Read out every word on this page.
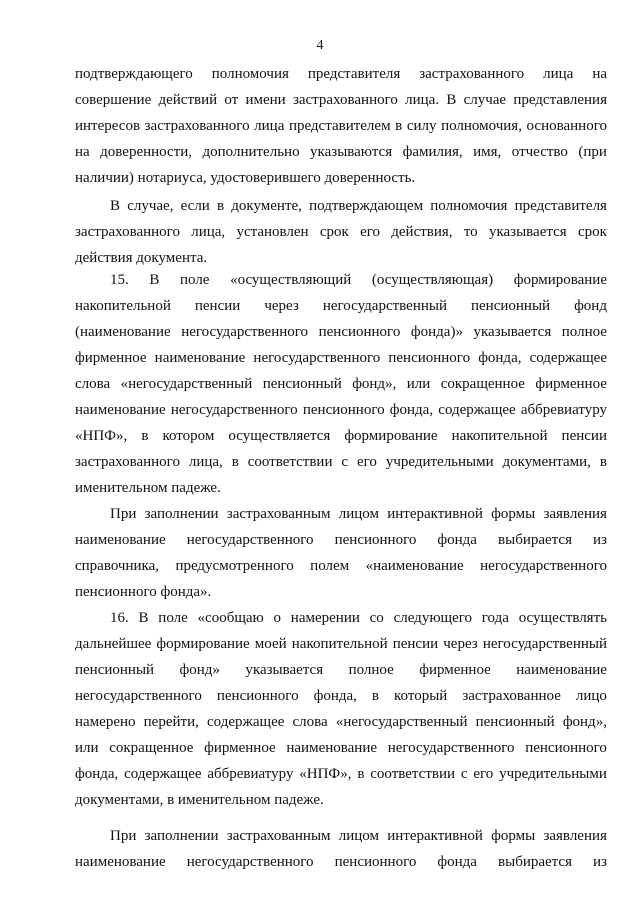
4
подтверждающего полномочия представителя застрахованного лица на
совершение действий от имени застрахованного лица. В случае представления
интересов застрахованного лица представителем в силу полномочия, основанного
на доверенности, дополнительно указываются фамилия, имя, отчество (при
наличии) нотариуса, удостоверившего доверенность.
В случае, если в документе, подтверждающем полномочия представителя
застрахованного лица, установлен срок его действия, то указывается срок
действия документа.
15. В поле «осуществляющий (осуществляющая) формирование
накопительной пенсии через негосударственный пенсионный фонд
(наименование негосударственного пенсионного фонда)» указывается полное
фирменное наименование негосударственного пенсионного фонда, содержащее
слова «негосударственный пенсионный фонд», или сокращенное фирменное
наименование негосударственного пенсионного фонда, содержащее аббревиатуру
«НПФ», в котором осуществляется формирование накопительной пенсии
застрахованного лица, в соответствии с его учредительными документами, в
именительном падеже.
При заполнении застрахованным лицом интерактивной формы заявления
наименование негосударственного пенсионного фонда выбирается из
справочника, предусмотренного полем «наименование негосударственного
пенсионного фонда».
16. В поле «сообщаю о намерении со следующего года осуществлять
дальнейшее формирование моей накопительной пенсии через негосударственный
пенсионный фонд» указывается полное фирменное наименование
негосударственного пенсионного фонда, в который застрахованное лицо
намерено перейти, содержащее слова «негосударственный пенсионный фонд»,
или сокращенное фирменное наименование негосударственного пенсионного
фонда, содержащее аббревиатуру «НПФ», в соответствии с его учредительными
документами, в именительном падеже.
При заполнении застрахованным лицом интерактивной формы заявления
наименование негосударственного пенсионного фонда выбирается из
